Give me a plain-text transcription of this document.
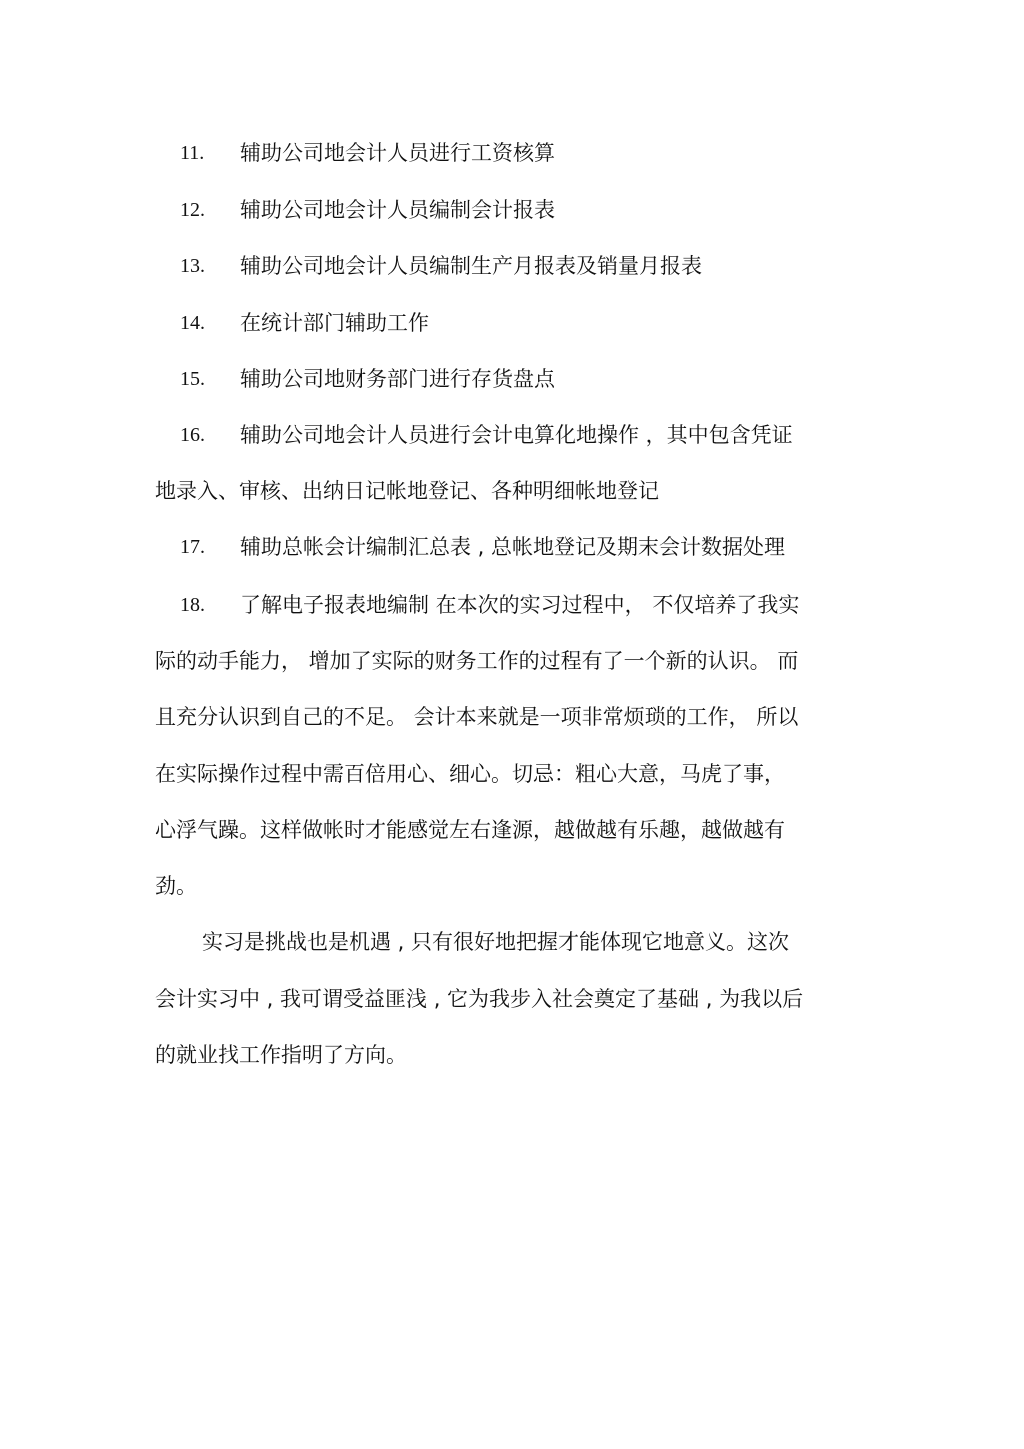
11. 辅助公司地会计人员进行工资核算
12. 辅助公司地会计人员编制会计报表
13. 辅助公司地会计人员编制生产月报表及销量月报表
14. 在统计部门辅助工作
15. 辅助公司地财务部门进行存货盘点
16. 辅助公司地会计人员进行会计电算化地操作 ，其中包含凭证
地录入、审核、出纳日记帐地登记、各种明细帐地登记
17. 辅助总帐会计编制汇总表 , 总帐地登记及期末会计数据处理
18. 了解电子报表地编制 在本次的实习过程中， 不仅培养了我实
际的动手能力， 增加了实际的财务工作的过程有了一个新的认识。 而
且充分认识到自己的不足。 会计本来就是一项非常烦琐的工作， 所以
在实际操作过程中需百倍用心、细心。切忌：粗心大意，马虎了事，
心浮气躁。这样做帐时才能感觉左右逢源，越做越有乐趣，越做越有
劲。
实习是挑战也是机遇 , 只有很好地把握才能体现它地意义。这次
会计实习中 , 我可谓受益匪浅 , 它为我步入社会奠定了基础 , 为我以后
的就业找工作指明了方向。
